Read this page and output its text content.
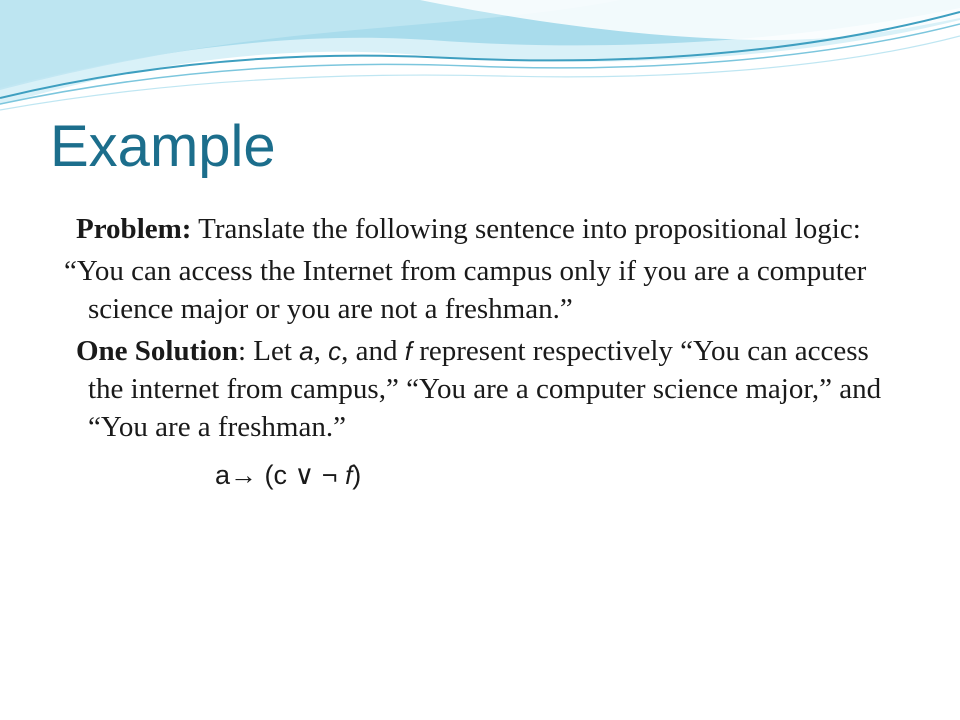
Example

Problem: Translate the following sentence into propositional logic:

“You can access the Internet from campus only if you are a computer science major or you are not a freshman.”

One Solution: Let a, c, and f represent respectively “You can access the internet from campus,” “You are a computer science major,” and “You are a freshman.”

a→ (c ∨ ¬ f)
